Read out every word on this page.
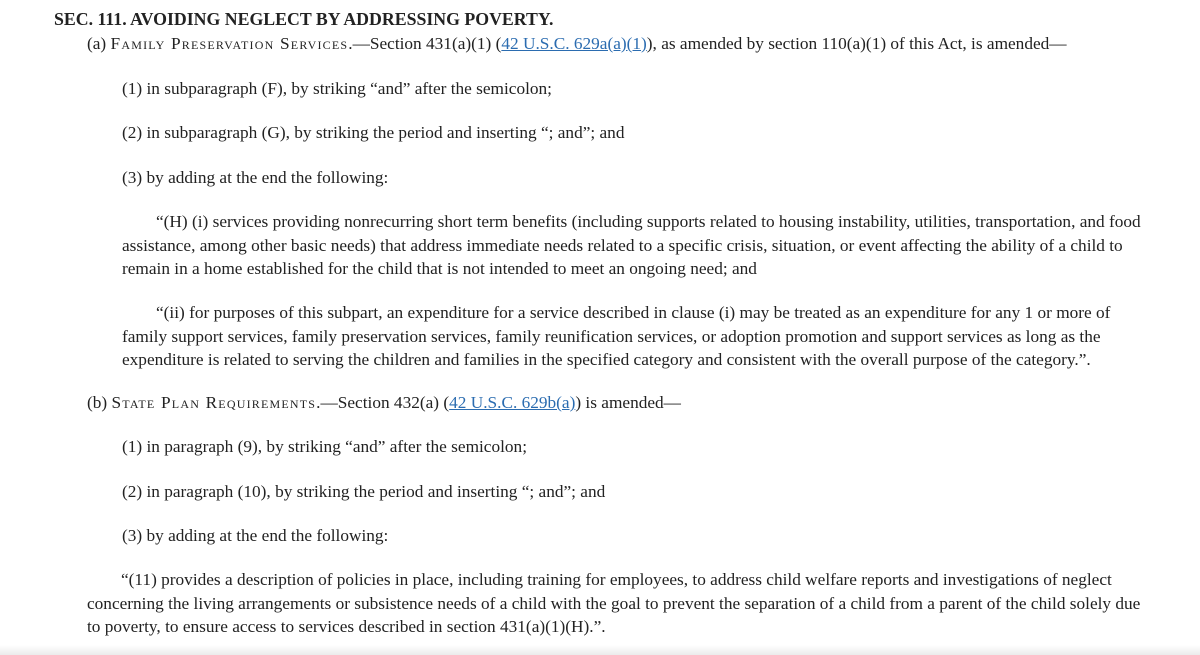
SEC. 111. AVOIDING NEGLECT BY ADDRESSING POVERTY.

(a) Family Preservation Services.—Section 431(a)(1) (42 U.S.C. 629a(a)(1)), as amended by section 110(a)(1) of this Act, is amended—

(1) in subparagraph (F), by striking “and” after the semicolon;

(2) in subparagraph (G), by striking the period and inserting “; and”; and

(3) by adding at the end the following:

“(H) (i) services providing nonrecurring short term benefits (including supports related to housing instability, utilities, transportation, and food assistance, among other basic needs) that address immediate needs related to a specific crisis, situation, or event affecting the ability of a child to remain in a home established for the child that is not intended to meet an ongoing need; and

“(ii) for purposes of this subpart, an expenditure for a service described in clause (i) may be treated as an expenditure for any 1 or more of family support services, family preservation services, family reunification services, or adoption promotion and support services as long as the expenditure is related to serving the children and families in the specified category and consistent with the overall purpose of the category.”.

(b) State Plan Requirements.—Section 432(a) (42 U.S.C. 629b(a)) is amended—

(1) in paragraph (9), by striking “and” after the semicolon;

(2) in paragraph (10), by striking the period and inserting “; and”; and

(3) by adding at the end the following:

“(11) provides a description of policies in place, including training for employees, to address child welfare reports and investigations of neglect concerning the living arrangements or subsistence needs of a child with the goal to prevent the separation of a child from a parent of the child solely due to poverty, to ensure access to services described in section 431(a)(1)(H).”.
